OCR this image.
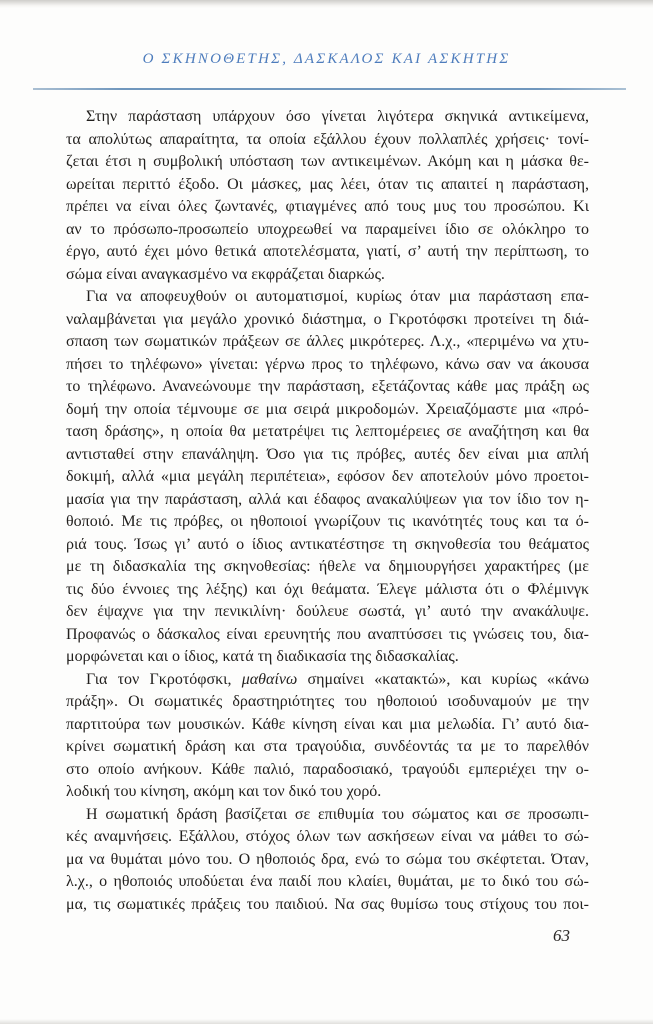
Ο ΣΚΗΝΟΘΕΤΗΣ, ΔΑΣΚΑΛΟΣ ΚΑΙ ΑΣΚΗΤΗΣ
Στην παράσταση υπάρχουν όσο γίνεται λιγότερα σκηνικά αντικείμενα,
τα απολύτως απαραίτητα, τα οποία εξάλλου έχουν πολλαπλές χρήσεις· τονί-
ζεται έτσι η συμβολική υπόσταση των αντικειμένων. Ακόμη και η μάσκα θε-
ωρείται περιττό έξοδο. Οι μάσκες, μας λέει, όταν τις απαιτεί η παράσταση,
πρέπει να είναι όλες ζωντανές, φτιαγμένες από τους μυς του προσώπου. Κι
αν το πρόσωπο-προσωπείο υποχρεωθεί να παραμείνει ίδιο σε ολόκληρο το
έργο, αυτό έχει μόνο θετικά αποτελέσματα, γιατί, σ’ αυτή την περίπτωση, το
σώμα είναι αναγκασμένο να εκφράζεται διαρκώς.
Για να αποφευχθούν οι αυτοματισμοί, κυρίως όταν μια παράσταση επα-
ναλαμβάνεται για μεγάλο χρονικό διάστημα, ο Γκροτόφσκι προτείνει τη διά-
σπαση των σωματικών πράξεων σε άλλες μικρότερες. Λ.χ., «περιμένω να χτυ-
πήσει το τηλέφωνο» γίνεται: γέρνω προς το τηλέφωνο, κάνω σαν να άκουσα
το τηλέφωνο. Ανανεώνουμε την παράσταση, εξετάζοντας κάθε μας πράξη ως
δομή την οποία τέμνουμε σε μια σειρά μικροδομών. Χρειαζόμαστε μια «πρό-
ταση δράσης», η οποία θα μετατρέψει τις λεπτομέρειες σε αναζήτηση και θα
αντισταθεί στην επανάληψη. Όσο για τις πρόβες, αυτές δεν είναι μια απλή
δοκιμή, αλλά «μια μεγάλη περιπέτεια», εφόσον δεν αποτελούν μόνο προετοι-
μασία για την παράσταση, αλλά και έδαφος ανακαλύψεων για τον ίδιο τον η-
θοποιό. Με τις πρόβες, οι ηθοποιοί γνωρίζουν τις ικανότητές τους και τα ό-
ριά τους. Ίσως γι’ αυτό ο ίδιος αντικατέστησε τη σκηνοθεσία του θεάματος
με τη διδασκαλία της σκηνοθεσίας: ήθελε να δημιουργήσει χαρακτήρες (με
τις δύο έννοιες της λέξης) και όχι θεάματα. Έλεγε μάλιστα ότι ο Φλέμινγκ
δεν έψαχνε για την πενικιλίνη· δούλευε σωστά, γι’ αυτό την ανακάλυψε.
Προφανώς ο δάσκαλος είναι ερευνητής που αναπτύσσει τις γνώσεις του, δια-
μορφώνεται και ο ίδιος, κατά τη διαδικασία της διδασκαλίας.
Για τον Γκροτόφσκι, μαθαίνω σημαίνει «κατακτώ», και κυρίως «κάνω
πράξη». Οι σωματικές δραστηριότητες του ηθοποιού ισοδυναμούν με την
παρτιτούρα των μουσικών. Κάθε κίνηση είναι και μια μελωδία. Γι’ αυτό δια-
κρίνει σωματική δράση και στα τραγούδια, συνδέοντάς τα με το παρελθόν
στο οποίο ανήκουν. Κάθε παλιό, παραδοσιακό, τραγούδι εμπεριέχει την ο-
λοδική του κίνηση, ακόμη και τον δικό του χορό.
Η σωματική δράση βασίζεται σε επιθυμία του σώματος και σε προσωπι-
κές αναμνήσεις. Εξάλλου, στόχος όλων των ασκήσεων είναι να μάθει το σώ-
μα να θυμάται μόνο του. Ο ηθοποιός δρα, ενώ το σώμα του σκέφτεται. Όταν,
λ.χ., ο ηθοποιός υποδύεται ένα παιδί που κλαίει, θυμάται, με το δικό του σώ-
μα, τις σωματικές πράξεις του παιδιού. Να σας θυμίσω τους στίχους του ποι-
63
